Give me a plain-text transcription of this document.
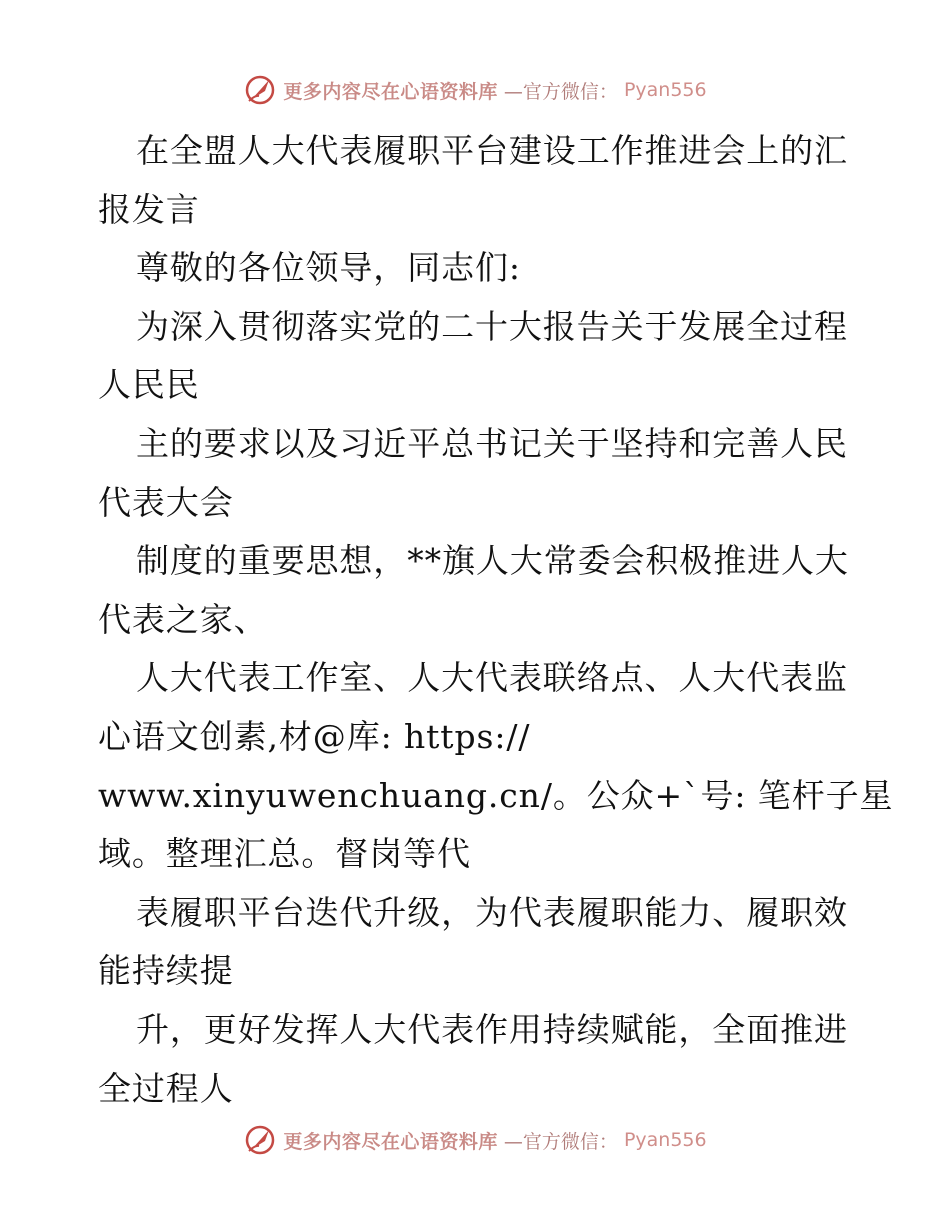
更多内容尽在心语资料库 —官方微信： Pyan556
在全盟人大代表履职平台建设工作推进会上的汇
报发言
尊敬的各位领导，同志们:
为深入贯彻落实党的二十大报告关于发展全过程
人民民
主的要求以及习近平总书记关于坚持和完善人民
代表大会
制度的重要思想，**旗人大常委会积极推进人大
代表之家、
人大代表工作室、人大代表联络点、人大代表监
心语文创素,材@库: https://
www.xinyuwenchuang.cn/。公众+`号: 笔杆子星
域。整理汇总。督岗等代
表履职平台迭代升级，为代表履职能力、履职效
能持续提
升，更好发挥人大代表作用持续赋能，全面推进
全过程人
更多内容尽在心语资料库 —官方微信： Pyan556
